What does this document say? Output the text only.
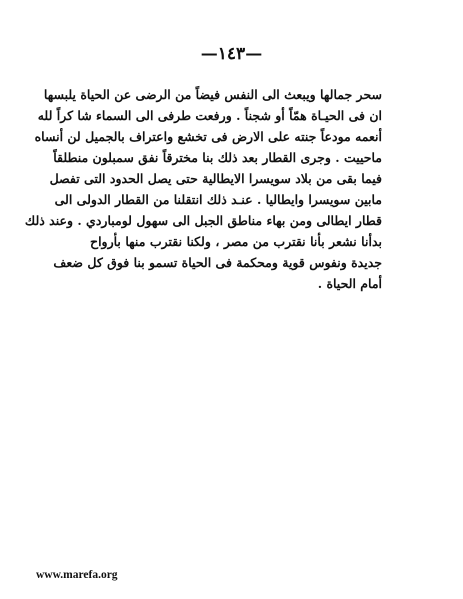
—١٤٣—
سحر جمالها ويبعث الى النفس فيضاً من الرضى عن الحياة يلبسها
ان فى الحيـاة همّاً أو شجناً . ورفعت طرفى الى السماء شا كراً لله
أنعمه مودعاً جنته على الارض فى تخشع واعتراف بالجميل لن أنساه
ماحييت . وجرى القطار بعد ذلك بنا مخترقاً نفق سمبلون منطلقاً
فيما بقى من بلاد سويسرا الايطالية حتى يصل الحدود التى تفصل
مابين سويسرا وايطاليا . عنـد ذلك انتقلنا من القطار الدولى الى
قطار ايطالى ومن بهاء مناطق الجبل الى سهول لومباردي . وعند ذلك
بدأنا نشعر بأنا نقترب من مصر ، ولكنا نقترب منها بأرواح
جديدة ونفوس قوية ومحكمة فى الحياة تسمو بنا فوق كل ضعف
أمام الحياة .
www.marefa.org
